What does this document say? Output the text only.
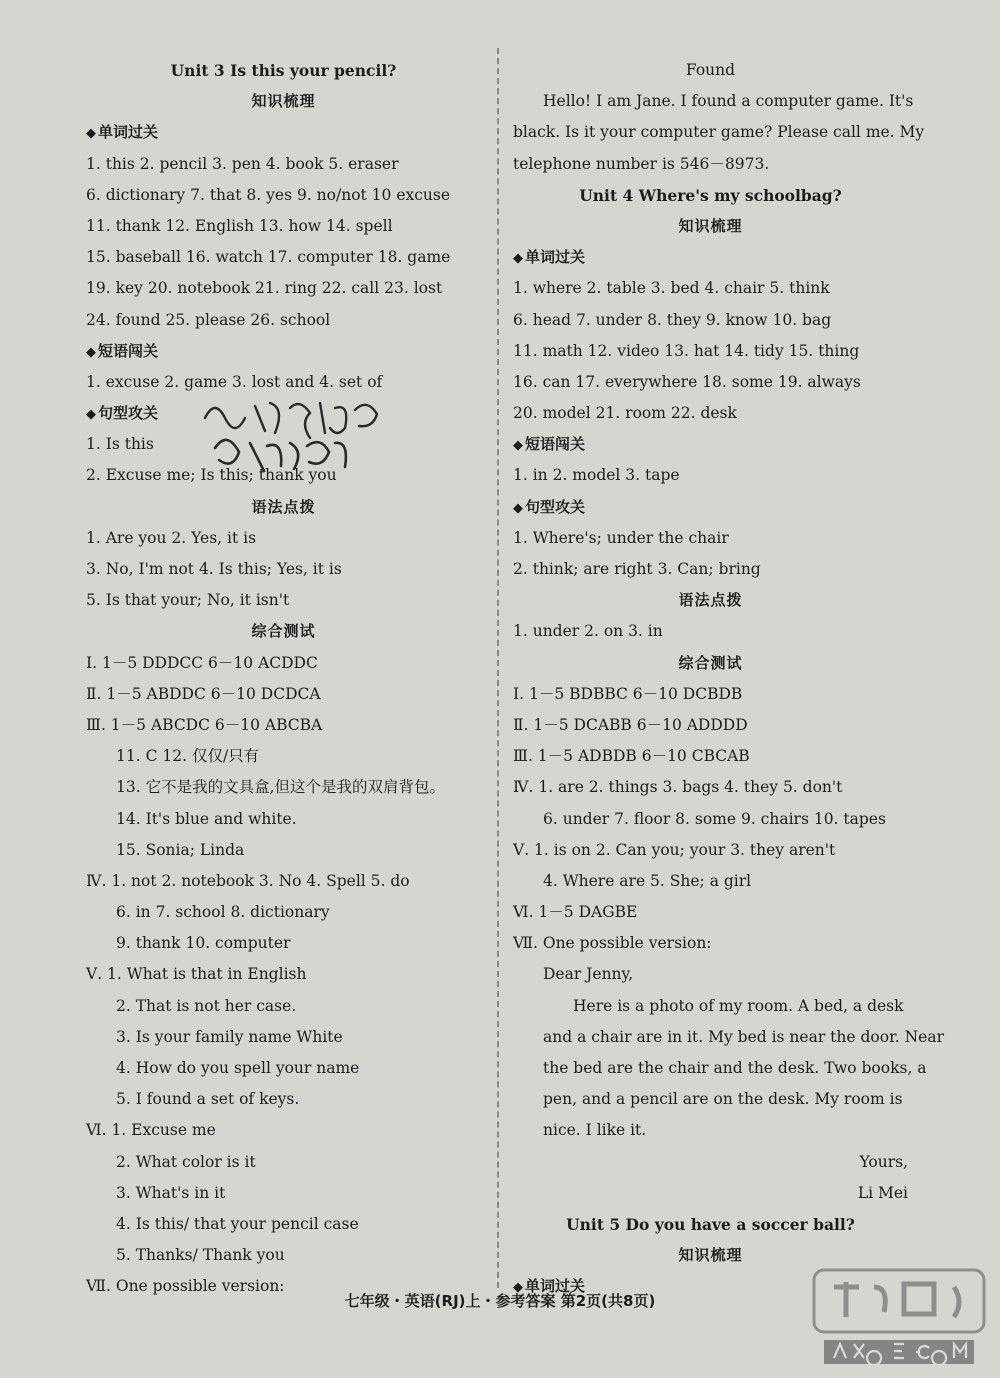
Unit 3 Is this your pencil?
知识梳理
◆ 单词过关
1. this 2. pencil 3. pen 4. book 5. eraser
6. dictionary 7. that 8. yes 9. no/not 10 excuse
11. thank 12. English 13. how 14. spell
15. baseball 16. watch 17. computer 18. game
19. key 20. notebook 21. ring 22. call 23. lost
24. found 25. please 26. school
◆ 短语闯关
1. excuse 2. game 3. lost and 4. set of
◆ 句型攻关
1. Is this
2. Excuse me; Is this; thank you
语法点拨
1. Are you 2. Yes, it is
3. No, I'm not 4. Is this; Yes, it is
5. Is that your; No, it isn't
综合测试
Ⅰ. 1－5 DDDCC 6－10 ACDDC
Ⅱ. 1－5 ABDDC 6－10 DCDCA
Ⅲ. 1－5 ABCDC 6－10 ABCBA
11. C 12. 仅仅/只有
13. 它不是我的文具盒,但这个是我的双肩背包。
14. It's blue and white.
15. Sonia; Linda
Ⅳ. 1. not 2. notebook 3. No 4. Spell 5. do
6. in 7. school 8. dictionary
9. thank 10. computer
Ⅴ. 1. What is that in English
2. That is not her case.
3. Is your family name White
4. How do you spell your name
5. I found a set of keys.
Ⅵ. 1. Excuse me
2. What color is it
3. What's in it
4. Is this/ that your pencil case
5. Thanks/ Thank you
Ⅶ. One possible version:
Found
Hello! I am Jane. I found a computer game. It's
black. Is it your computer game? Please call me. My
telephone number is 546－8973.
Unit 4 Where's my schoolbag?
知识梳理
◆ 单词过关
1. where 2. table 3. bed 4. chair 5. think
6. head 7. under 8. they 9. know 10. bag
11. math 12. video 13. hat 14. tidy 15. thing
16. can 17. everywhere 18. some 19. always
20. model 21. room 22. desk
◆ 短语闯关
1. in 2. model 3. tape
◆ 句型攻关
1. Where's; under the chair
2. think; are right 3. Can; bring
语法点拨
1. under 2. on 3. in
综合测试
Ⅰ. 1－5 BDBBC 6－10 DCBDB
Ⅱ. 1－5 DCABB 6－10 ADDDD
Ⅲ. 1－5 ADBDB 6－10 CBCAB
Ⅳ. 1. are 2. things 3. bags 4. they 5. don't
6. under 7. floor 8. some 9. chairs 10. tapes
Ⅴ. 1. is on 2. Can you; your 3. they aren't
4. Where are 5. She; a girl
Ⅵ. 1－5 DAGBE
Ⅶ. One possible version:
Dear Jenny,
Here is a photo of my room. A bed, a desk
and a chair are in it. My bed is near the door. Near
the bed are the chair and the desk. Two books, a
pen, and a pencil are on the desk. My room is
nice. I like it.
Yours,
Li Mei
Unit 5 Do you have a soccer ball?
知识梳理
◆ 单词过关
七年级・英语(RJ)上・参考答案 第2页(共8页)
